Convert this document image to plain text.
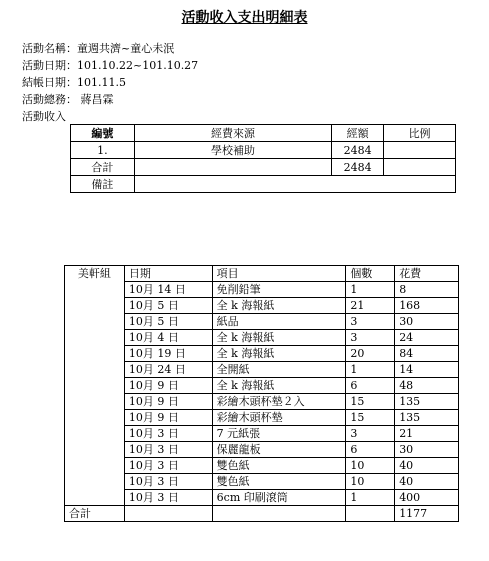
活動收入支出明細表
活動名稱：童週共濟~童心未泯
活動日期：101.10.22~101.10.27
結帳日期：101.11.5
活動總務： 蔣昌霖
活動收入
編號	經費來源	經額	比例
1.	學校補助	2484	
合計		2484	
備註			
美軒組	日期	項目	個數	花費
	10月 14 日	免削鉛筆	1	8
	10月 5 日	全 k 海報紙	21	168
	10月 5 日	紙品	3	30
	10月 4 日	全 k 海報紙	3	24
	10月 19 日	全 k 海報紙	20	84
	10月 24 日	全開紙	1	14
	10月 9 日	全 k 海報紙	6	48
	10月 9 日	彩繪木頭杯墊２入	15	135
	10月 9 日	彩繪木頭杯墊	15	135
	10月 3 日	7 元紙張	3	21
	10月 3 日	保麗龍板	6	30
	10月 3 日	雙色紙	10	40
	10月 3 日	雙色紙	10	40
	10月 3 日	6cm 印刷滾筒	1	400
合計				1177
